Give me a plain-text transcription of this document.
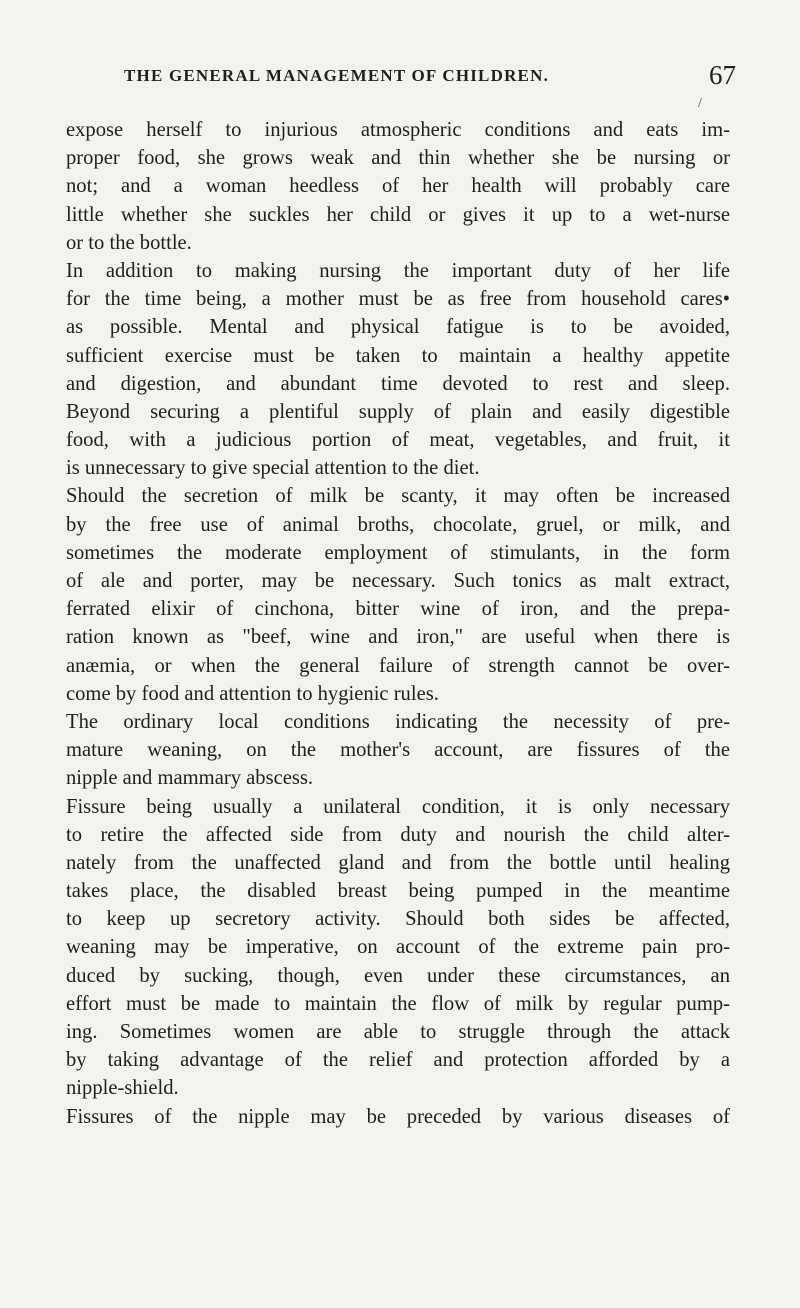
THE GENERAL MANAGEMENT OF CHILDREN.	67
/
expose herself to injurious atmospheric conditions and eats im-
proper food, she grows weak and thin whether she be nursing or
not; and a woman heedless of her health will probably care
little whether she suckles her child or gives it up to a wet-nurse
or to the bottle.
In addition to making nursing the important duty of her life
for the time being, a mother must be as free from household cares•
as possible. Mental and physical fatigue is to be avoided,
sufficient exercise must be taken to maintain a healthy appetite
and digestion, and abundant time devoted to rest and sleep.
Beyond securing a plentiful supply of plain and easily digestible
food, with a judicious portion of meat, vegetables, and fruit, it
is unnecessary to give special attention to the diet.
Should the secretion of milk be scanty, it may often be increased
by the free use of animal broths, chocolate, gruel, or milk, and
sometimes the moderate employment of stimulants, in the form
of ale and porter, may be necessary. Such tonics as malt extract,
ferrated elixir of cinchona, bitter wine of iron, and the prepa-
ration known as "beef, wine and iron," are useful when there is
anæmia, or when the general failure of strength cannot be over-
come by food and attention to hygienic rules.
The ordinary local conditions indicating the necessity of pre-
mature weaning, on the mother's account, are fissures of the
nipple and mammary abscess.
Fissure being usually a unilateral condition, it is only necessary
to retire the affected side from duty and nourish the child alter-
nately from the unaffected gland and from the bottle until healing
takes place, the disabled breast being pumped in the meantime
to keep up secretory activity. Should both sides be affected,
weaning may be imperative, on account of the extreme pain pro-
duced by sucking, though, even under these circumstances, an
effort must be made to maintain the flow of milk by regular pump-
ing. Sometimes women are able to struggle through the attack
by taking advantage of the relief and protection afforded by a
nipple-shield.
Fissures of the nipple may be preceded by various diseases of
